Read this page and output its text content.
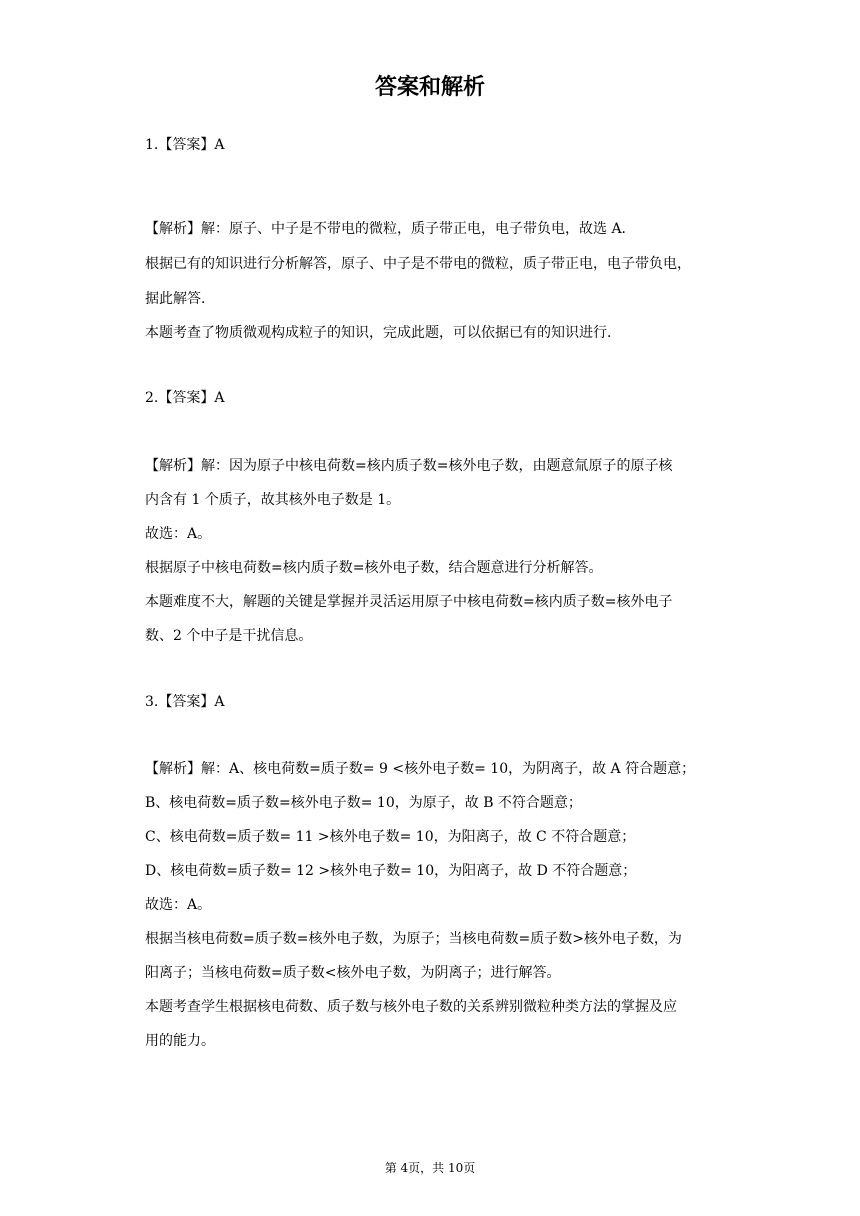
答案和解析
1.【答案】A
【解析】解：原子、中子是不带电的微粒，质子带正电，电子带负电，故选 A．
根据已有的知识进行分析解答，原子、中子是不带电的微粒，质子带正电，电子带负电，
据此解答．
本题考查了物质微观构成粒子的知识，完成此题，可以依据已有的知识进行．
2.【答案】A
【解析】解：因为原子中核电荷数=核内质子数=核外电子数，由题意氚原子的原子核
内含有 1 个质子，故其核外电子数是 1。
故选：A。
根据原子中核电荷数=核内质子数=核外电子数，结合题意进行分析解答。
本题难度不大，解题的关键是掌握并灵活运用原子中核电荷数=核内质子数=核外电子
数、2 个中子是干扰信息。
3.【答案】A
【解析】解：A、核电荷数=质子数= 9 <核外电子数= 10，为阴离子，故 A 符合题意；
B、核电荷数=质子数=核外电子数= 10，为原子，故 B 不符合题意；
C、核电荷数=质子数= 11 >核外电子数= 10，为阳离子，故 C 不符合题意；
D、核电荷数=质子数= 12 >核外电子数= 10，为阳离子，故 D 不符合题意；
故选：A。
根据当核电荷数=质子数=核外电子数，为原子；当核电荷数=质子数>核外电子数，为
阳离子；当核电荷数=质子数<核外电子数，为阴离子；进行解答。
本题考查学生根据核电荷数、质子数与核外电子数的关系辨别微粒种类方法的掌握及应
用的能力。
第 4页，共 10页
